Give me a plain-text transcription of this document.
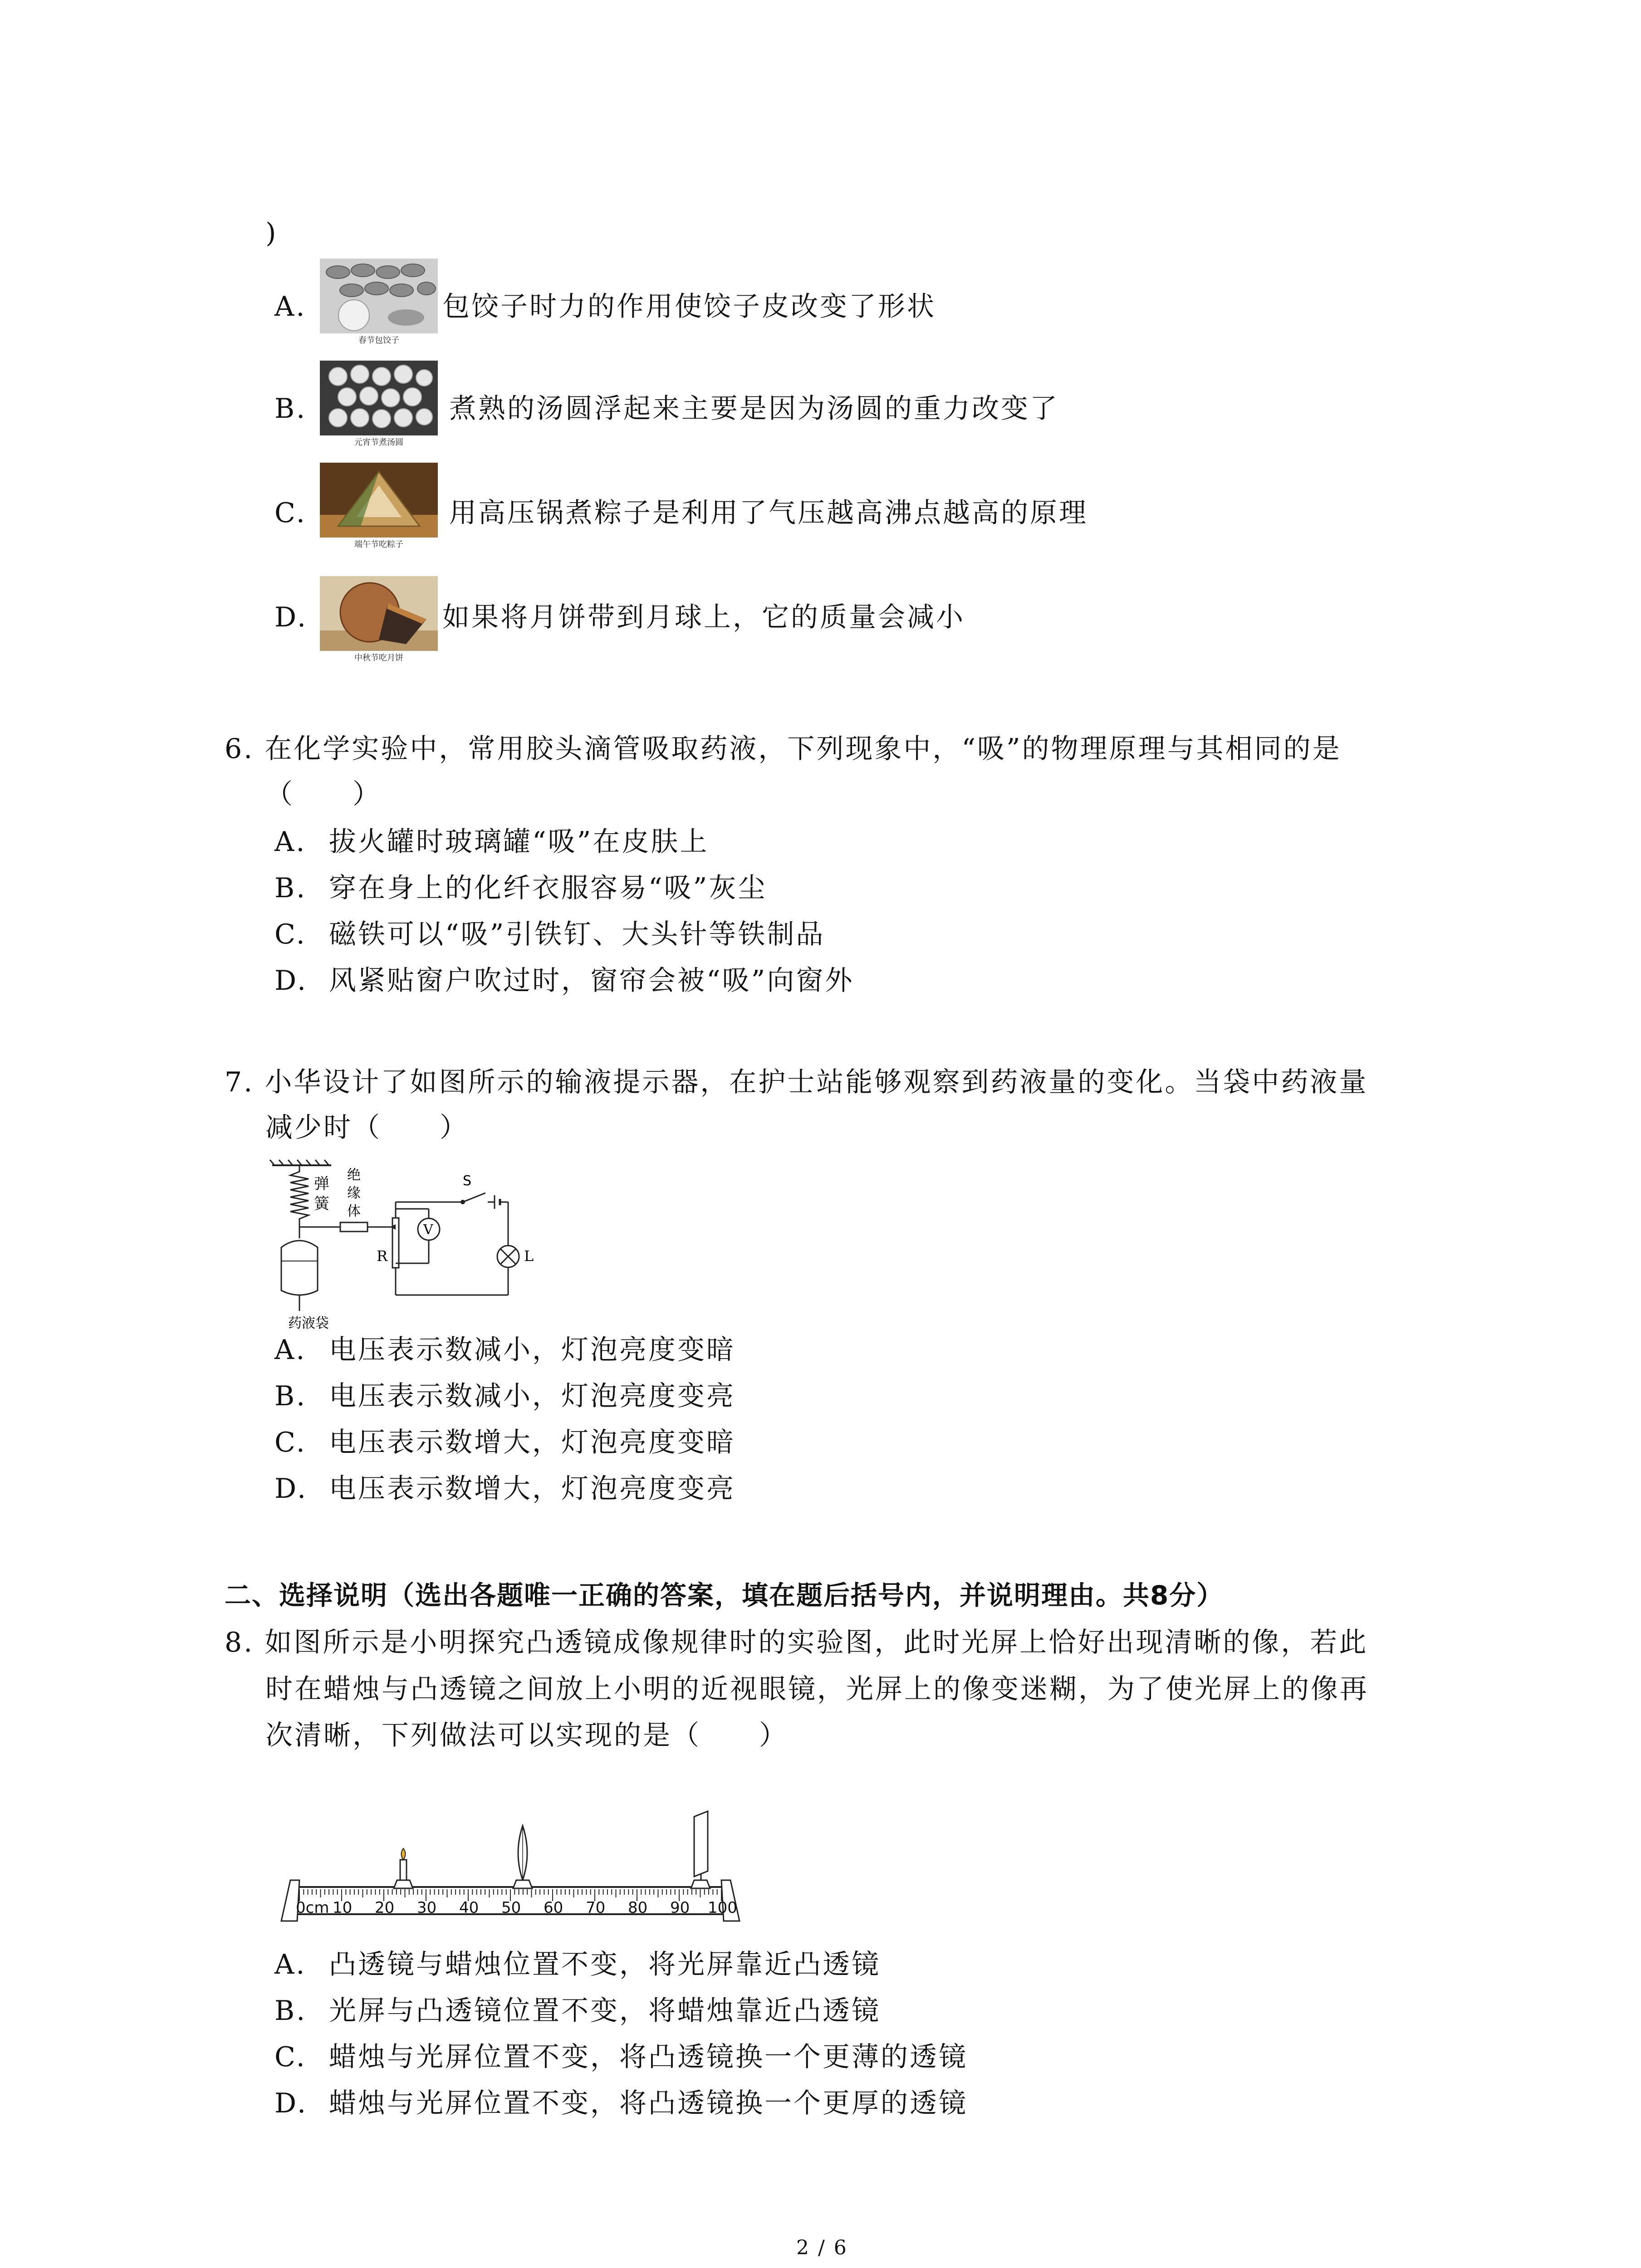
)
A.
春节包饺子
包饺子时力的作用使饺子皮改变了形状
B.
元宵节煮汤圆
煮熟的汤圆浮起来主要是因为汤圆的重力改变了
C.
端午节吃粽子
用高压锅煮粽子是利用了气压越高沸点越高的原理
D.
中秋节吃月饼
如果将月饼带到月球上，它的质量会减小
6. 在化学实验中，常用胶头滴管吸取药液，下列现象中，“吸”的物理原理与其相同的是
（　　）
A. 拔火罐时玻璃罐“吸”在皮肤上
B. 穿在身上的化纤衣服容易“吸”灰尘
C. 磁铁可以“吸”引铁钉、大头针等铁制品
D. 风紧贴窗户吹过时，窗帘会被“吸”向窗外
7. 小华设计了如图所示的输液提示器，在护士站能够观察到药液量的变化。当袋中药液量
减少时（　　）
弹
簧
绝
缘
体
药液袋
R
V
S
L
A. 电压表示数减小，灯泡亮度变暗
B. 电压表示数减小，灯泡亮度变亮
C. 电压表示数增大，灯泡亮度变暗
D. 电压表示数增大，灯泡亮度变亮
二、选择说明（选出各题唯一正确的答案，填在题后括号内，并说明理由。共8分）
8. 如图所示是小明探究凸透镜成像规律时的实验图，此时光屏上恰好出现清晰的像，若此
时在蜡烛与凸透镜之间放上小明的近视眼镜，光屏上的像变迷糊，为了使光屏上的像再
次清晰，下列做法可以实现的是（　　）
0cm 10 20 30 40 50 60 70 80 90 100
A. 凸透镜与蜡烛位置不变，将光屏靠近凸透镜
B. 光屏与凸透镜位置不变，将蜡烛靠近凸透镜
C. 蜡烛与光屏位置不变，将凸透镜换一个更薄的透镜
D. 蜡烛与光屏位置不变，将凸透镜换一个更厚的透镜
2 / 6
